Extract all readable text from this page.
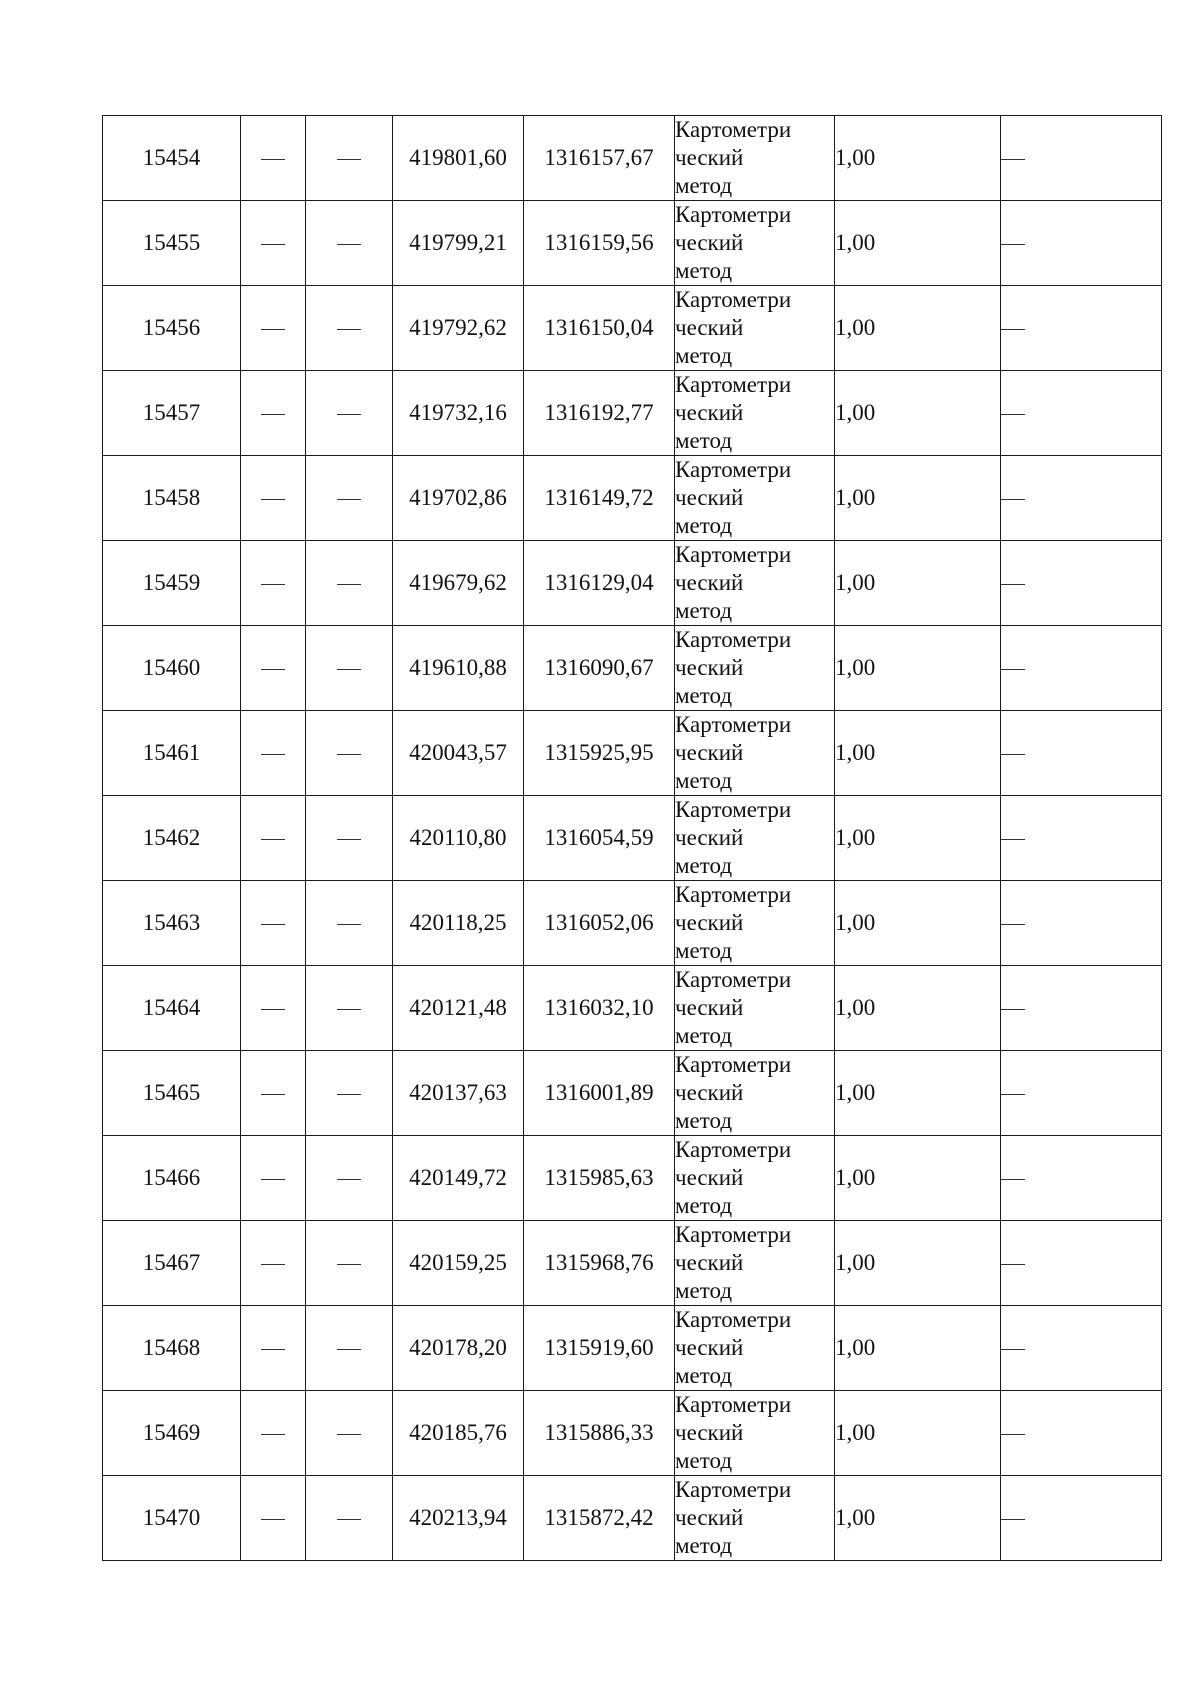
15454			419801,60	1316157,67	Картометри
ческий
метод	1,00	
15455			419799,21	1316159,56	Картометри
ческий
метод	1,00	
15456			419792,62	1316150,04	Картометри
ческий
метод	1,00	
15457			419732,16	1316192,77	Картометри
ческий
метод	1,00	
15458			419702,86	1316149,72	Картометри
ческий
метод	1,00	
15459			419679,62	1316129,04	Картометри
ческий
метод	1,00	
15460			419610,88	1316090,67	Картометри
ческий
метод	1,00	
15461			420043,57	1315925,95	Картометри
ческий
метод	1,00	
15462			420110,80	1316054,59	Картометри
ческий
метод	1,00	
15463			420118,25	1316052,06	Картометри
ческий
метод	1,00	
15464			420121,48	1316032,10	Картометри
ческий
метод	1,00	
15465			420137,63	1316001,89	Картометри
ческий
метод	1,00	
15466			420149,72	1315985,63	Картометри
ческий
метод	1,00	
15467			420159,25	1315968,76	Картометри
ческий
метод	1,00	
15468			420178,20	1315919,60	Картометри
ческий
метод	1,00	
15469			420185,76	1315886,33	Картометри
ческий
метод	1,00	
15470			420213,94	1315872,42	Картометри
ческий
метод	1,00	
